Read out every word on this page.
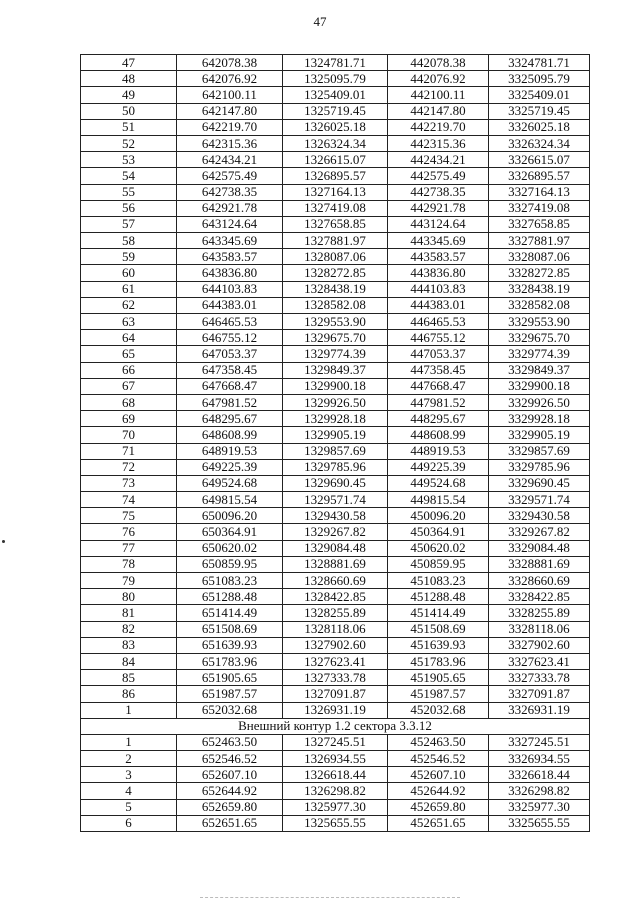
47
47	642078.38	1324781.71	442078.38	3324781.71
48	642076.92	1325095.79	442076.92	3325095.79
49	642100.11	1325409.01	442100.11	3325409.01
50	642147.80	1325719.45	442147.80	3325719.45
51	642219.70	1326025.18	442219.70	3326025.18
52	642315.36	1326324.34	442315.36	3326324.34
53	642434.21	1326615.07	442434.21	3326615.07
54	642575.49	1326895.57	442575.49	3326895.57
55	642738.35	1327164.13	442738.35	3327164.13
56	642921.78	1327419.08	442921.78	3327419.08
57	643124.64	1327658.85	443124.64	3327658.85
58	643345.69	1327881.97	443345.69	3327881.97
59	643583.57	1328087.06	443583.57	3328087.06
60	643836.80	1328272.85	443836.80	3328272.85
61	644103.83	1328438.19	444103.83	3328438.19
62	644383.01	1328582.08	444383.01	3328582.08
63	646465.53	1329553.90	446465.53	3329553.90
64	646755.12	1329675.70	446755.12	3329675.70
65	647053.37	1329774.39	447053.37	3329774.39
66	647358.45	1329849.37	447358.45	3329849.37
67	647668.47	1329900.18	447668.47	3329900.18
68	647981.52	1329926.50	447981.52	3329926.50
69	648295.67	1329928.18	448295.67	3329928.18
70	648608.99	1329905.19	448608.99	3329905.19
71	648919.53	1329857.69	448919.53	3329857.69
72	649225.39	1329785.96	449225.39	3329785.96
73	649524.68	1329690.45	449524.68	3329690.45
74	649815.54	1329571.74	449815.54	3329571.74
75	650096.20	1329430.58	450096.20	3329430.58
76	650364.91	1329267.82	450364.91	3329267.82
77	650620.02	1329084.48	450620.02	3329084.48
78	650859.95	1328881.69	450859.95	3328881.69
79	651083.23	1328660.69	451083.23	3328660.69
80	651288.48	1328422.85	451288.48	3328422.85
81	651414.49	1328255.89	451414.49	3328255.89
82	651508.69	1328118.06	451508.69	3328118.06
83	651639.93	1327902.60	451639.93	3327902.60
84	651783.96	1327623.41	451783.96	3327623.41
85	651905.65	1327333.78	451905.65	3327333.78
86	651987.57	1327091.87	451987.57	3327091.87
1	652032.68	1326931.19	452032.68	3326931.19
Внешний контур 1.2 сектора 3.3.12				
1	652463.50	1327245.51	452463.50	3327245.51
2	652546.52	1326934.55	452546.52	3326934.55
3	652607.10	1326618.44	452607.10	3326618.44
4	652644.92	1326298.82	452644.92	3326298.82
5	652659.80	1325977.30	452659.80	3325977.30
6	652651.65	1325655.55	452651.65	3325655.55
